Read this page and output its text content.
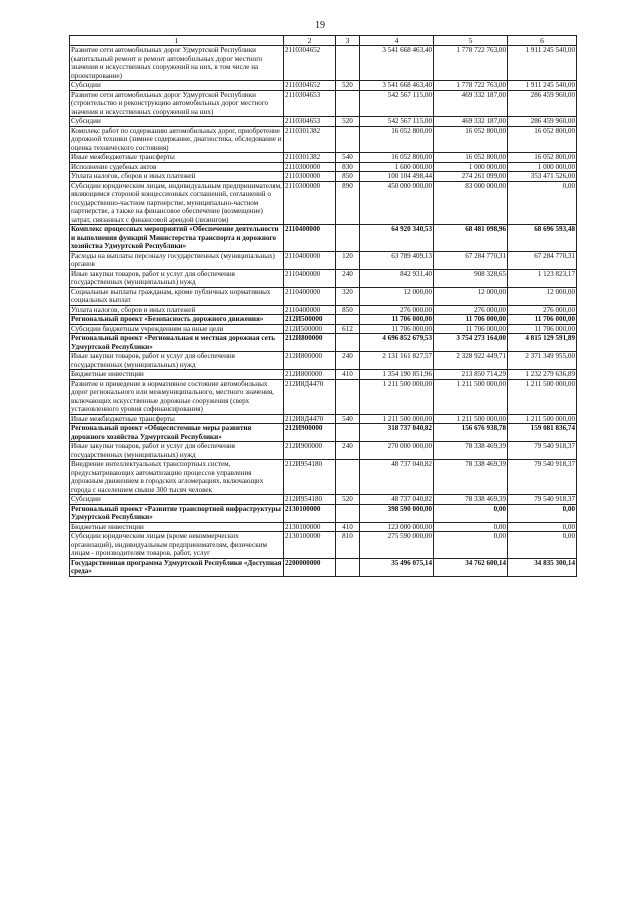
19
1	2	3	4	5	6
Развитие сети автомобильных дорог Удмуртской Республики (капитальный ремонт и ремонт автомобильных дорог местного значения и искусственных сооружений на них, в том числе на проектирование)	2110304652		3 541 668 463,40	1 778 722 763,00	1 911 245 540,00
Субсидии	2110304652	520	3 541 668 463,40	1 778 722 763,00	1 911 245 540,00
Развитие сети автомобильных дорог Удмуртской Республики (строительство и реконструкцию автомобильных дорог местного значения и искусственных сооружений на них)	2110304653		542 567 115,00	469 332 187,00	286 459 960,00
Субсидии	2110304653	520	542 567 115,00	469 332 187,00	286 459 960,00
Комплекс работ по содержанию автомобильных дорог, приобретение дорожной техники (зимнее содержание, диагностика, обследование и оценка технического состояния)	2110301382		16 052 800,00	16 052 800,00	16 052 800,00
Иные межбюджетные трансферты	2110301382	540	16 052 800,00	16 052 800,00	16 052 800,00
Исполнение судебных актов	2110300000	830	1 600 000,00	1 000 000,00	1 000 000,00
Уплата налогов, сборов и иных платежей	2110300000	850	100 104 498,44	274 261 099,00	353 471 526,00
Субсидии юридическим лицам, индивидуальным предпринимателям, являющимся стороной концессионных соглашений, соглашений о государственно-частном партнерстве, муниципально-частном партнерстве, а также на финансовое обеспечение (возмещение) затрат, связанных с финансовой арендой (лизингом)	2110300000	890	450 000 000,00	83 000 000,00	0,00
Комплекс процессных мероприятий «Обеспечение деятельности и выполнения функций Министерства транспорта и дорожного хозяйства Удмуртской Республики»	2110400000		64 920 340,53	68 481 098,96	68 696 593,48
Расходы на выплаты персоналу государственных (муниципальных) органов	2110400000	120	63 789 409,13	67 284 770,31	67 284 770,31
Иные закупки товаров, работ и услуг для обеспечения государственных (муниципальных) нужд	2110400000	240	842 931,40	908 328,65	1 123 823,17
Социальные выплаты гражданам, кроме публичных нормативных социальных выплат	2110400000	320	12 000,00	12 000,00	12 000,00
Уплата налогов, сборов и иных платежей	2110400000	850	276 000,00	276 000,00	276 000,00
Региональный проект «Безопасность дорожного движения»	212И500000		11 706 000,00	11 706 000,00	11 706 000,00
Субсидии бюджетным учреждениям на иные цели	212И500000	612	11 706 000,00	11 706 000,00	11 706 000,00
Региональный проект «Региональная и местная дорожная сеть Удмуртской Республики»	212И800000		4 696 852 679,53	3 754 273 164,00	4 815 129 591,89
Иные закупки товаров, работ и услуг для обеспечения государственных (муниципальных) нужд	212И800000	240	2 131 161 827,57	2 328 922 449,71	2 371 349 955,00
Бюджетные инвестиции	212И800000	410	1 354 190 851,96	213 850 714,29	1 232 279 636,89
Развитие и приведение в нормативное состояние автомобильных дорог регионального или межмуниципального, местного значения, включающих искусственные дорожные сооружения (сверх установленного уровня софинансирования)	212И8Д4470		1 211 500 000,00	1 211 500 000,00	1 211 500 000,00
Иные межбюджетные трансферты	212И8Д4470	540	1 211 500 000,00	1 211 500 000,00	1 211 500 000,00
Региональный проект «Общесистемные меры развития дорожного хозяйства Удмуртской Республики»	212И900000		318 737 040,82	156 676 938,78	159 081 836,74
Иные закупки товаров, работ и услуг для обеспечения государственных (муниципальных) нужд	212И900000	240	270 000 000,00	78 338 469,39	79 540 918,37
Внедрение интеллектуальных транспортных систем, предусматривающих автоматизацию процессов управления дорожным движением в городских агломерациях, включающих города с населением свыше 300 тысяч человек	212И954180		48 737 040,82	78 338 469,39	79 540 918,37
Субсидии	212И954180	520	48 737 040,82	78 338 469,39	79 540 918,37
Региональный проект «Развитие транспортной инфраструктуры Удмуртской Республики»	2130100000		398 590 000,00	0,00	0,00
Бюджетные инвестиции	2130100000	410	123 000 000,00	0,00	0,00
Субсидии юридическим лицам (кроме некоммерческих организаций), индивидуальным предпринимателям, физическим лицам - производителям товаров, работ, услуг	2130100000	810	275 590 000,00	0,00	0,00
Государственная программа Удмуртской Республики «Доступная среда»	2200000000		35 496 075,14	34 762 600,14	34 835 300,14
